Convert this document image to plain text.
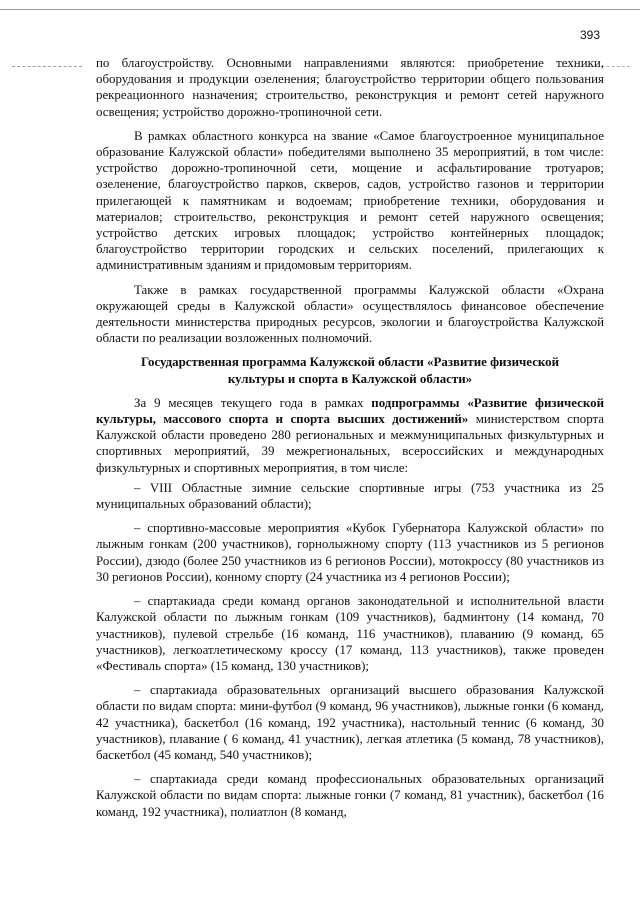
393

по благоустройству. Основными направлениями являются: приобретение техники, оборудования и продукции озеленения; благоустройство территории общего пользования рекреационного назначения; строительство, реконструкция и ремонт сетей наружного освещения; устройство дорожно-тропиночной сети.

В рамках областного конкурса на звание «Самое благоустроенное муниципальное образование Калужской области» победителями выполнено 35 мероприятий, в том числе: устройство дорожно-тропиночной сети, мощение и асфальтирование тротуаров; озеленение, благоустройство парков, скверов, садов, устройство газонов и территории прилегающей к памятникам и водоемам; приобретение техники, оборудования и материалов; строительство, реконструкция и ремонт сетей наружного освещения; устройство детских игровых площадок; устройство контейнерных площадок; благоустройство территории городских и сельских поселений, прилегающих к административным зданиям и придомовым территориям.

Также в рамках государственной программы Калужской области «Охрана окружающей среды в Калужской области» осуществлялось финансовое обеспечение деятельности министерства природных ресурсов, экологии и благоустройства Калужской области по реализации возложенных полномочий.

Государственная программа Калужской области «Развитие физической культуры и спорта в Калужской области»

За 9 месяцев текущего года в рамках подпрограммы «Развитие физической культуры, массового спорта и спорта высших достижений» министерством спорта Калужской области проведено 280 региональных и межмуниципальных физкультурных и спортивных мероприятий, 39 межрегиональных, всероссийских и международных физкультурных и спортивных мероприятия, в том числе:

– VIII Областные зимние сельские спортивные игры (753 участника из 25 муниципальных образований области);

– спортивно-массовые мероприятия «Кубок Губернатора Калужской области» по лыжным гонкам (200 участников), горнолыжному спорту (113 участников из 5 регионов России), дзюдо (более 250 участников из 6 регионов России), мотокроссу (80 участников из 30 регионов России), конному спорту (24 участника из 4 регионов России);

– спартакиада среди команд органов законодательной и исполнительной власти Калужской области по лыжным гонкам (109 участников), бадминтону (14 команд, 70 участников), пулевой стрельбе (16 команд, 116 участников), плаванию (9 команд, 65 участников), легкоатлетическому кроссу (17 команд, 113 участников), также проведен «Фестиваль спорта» (15 команд, 130 участников);

– спартакиада образовательных организаций высшего образования Калужской области по видам спорта: мини-футбол (9 команд, 96 участников), лыжные гонки (6 команд, 42 участника), баскетбол (16 команд, 192 участника), настольный теннис (6 команд, 30 участников), плавание ( 6 команд, 41 участник), легкая атлетика (5 команд, 78 участников), баскетбол (45 команд, 540 участников);

– спартакиада среди команд профессиональных образовательных организаций Калужской области по видам спорта: лыжные гонки (7 команд, 81 участник), баскетбол (16 команд, 192 участника), полиатлон (8 команд,
